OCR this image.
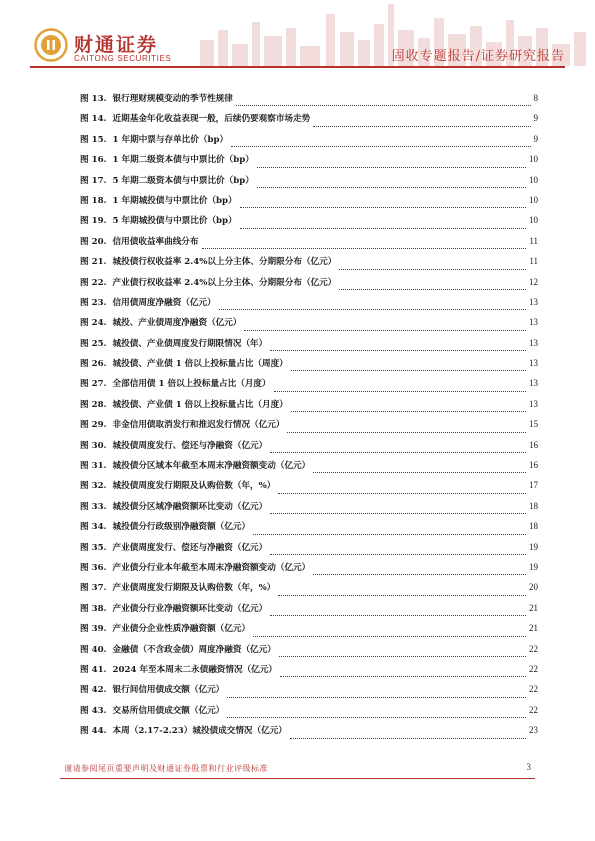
财通证券
CAITONG SECURITIES	固收专题报告/证券研究报告
图 13. 银行理财规模变动的季节性规律	8
图 14. 近期基金年化收益表现一般，后续仍要观察市场走势	9
图 15. 1 年期中票与存单比价（bp）	9
图 16. 1 年期二级资本债与中票比价（bp）	10
图 17. 5 年期二级资本债与中票比价（bp）	10
图 18. 1 年期城投债与中票比价（bp）	10
图 19. 5 年期城投债与中票比价（bp）	10
图 20. 信用债收益率曲线分布	11
图 21. 城投债行权收益率 2.4%以上分主体、分期限分布（亿元）	11
图 22. 产业债行权收益率 2.4%以上分主体、分期限分布（亿元）	12
图 23. 信用债周度净融资（亿元）	13
图 24. 城投、产业债周度净融资（亿元）	13
图 25. 城投债、产业债周度发行期限情况（年）	13
图 26. 城投债、产业债 1 倍以上投标量占比（周度）	13
图 27. 全部信用债 1 倍以上投标量占比（月度）	13
图 28. 城投债、产业债 1 倍以上投标量占比（月度）	13
图 29. 非金信用债取消发行和推迟发行情况（亿元）	15
图 30. 城投债周度发行、偿还与净融资（亿元）	16
图 31. 城投债分区域本年截至本周末净融资额变动（亿元）	16
图 32. 城投债周度发行期限及认购倍数（年，%）	17
图 33. 城投债分区域净融资额环比变动（亿元）	18
图 34. 城投债分行政级别净融资额（亿元）	18
图 35. 产业债周度发行、偿还与净融资（亿元）	19
图 36. 产业债分行业本年截至本周末净融资额变动（亿元）	19
图 37. 产业债周度发行期限及认购倍数（年，%）	20
图 38. 产业债分行业净融资额环比变动（亿元）	21
图 39. 产业债分企业性质净融资额（亿元）	21
图 40. 金融债（不含政金债）周度净融资（亿元）	22
图 41. 2024 年至本周末二永债融资情况（亿元）	22
图 42. 银行间信用债成交额（亿元）	22
图 43. 交易所信用债成交额（亿元）	22
图 44. 本周（2.17-2.23）城投债成交情况（亿元）	23
谨请参阅尾页重要声明及财通证券股票和行业评级标准	3
